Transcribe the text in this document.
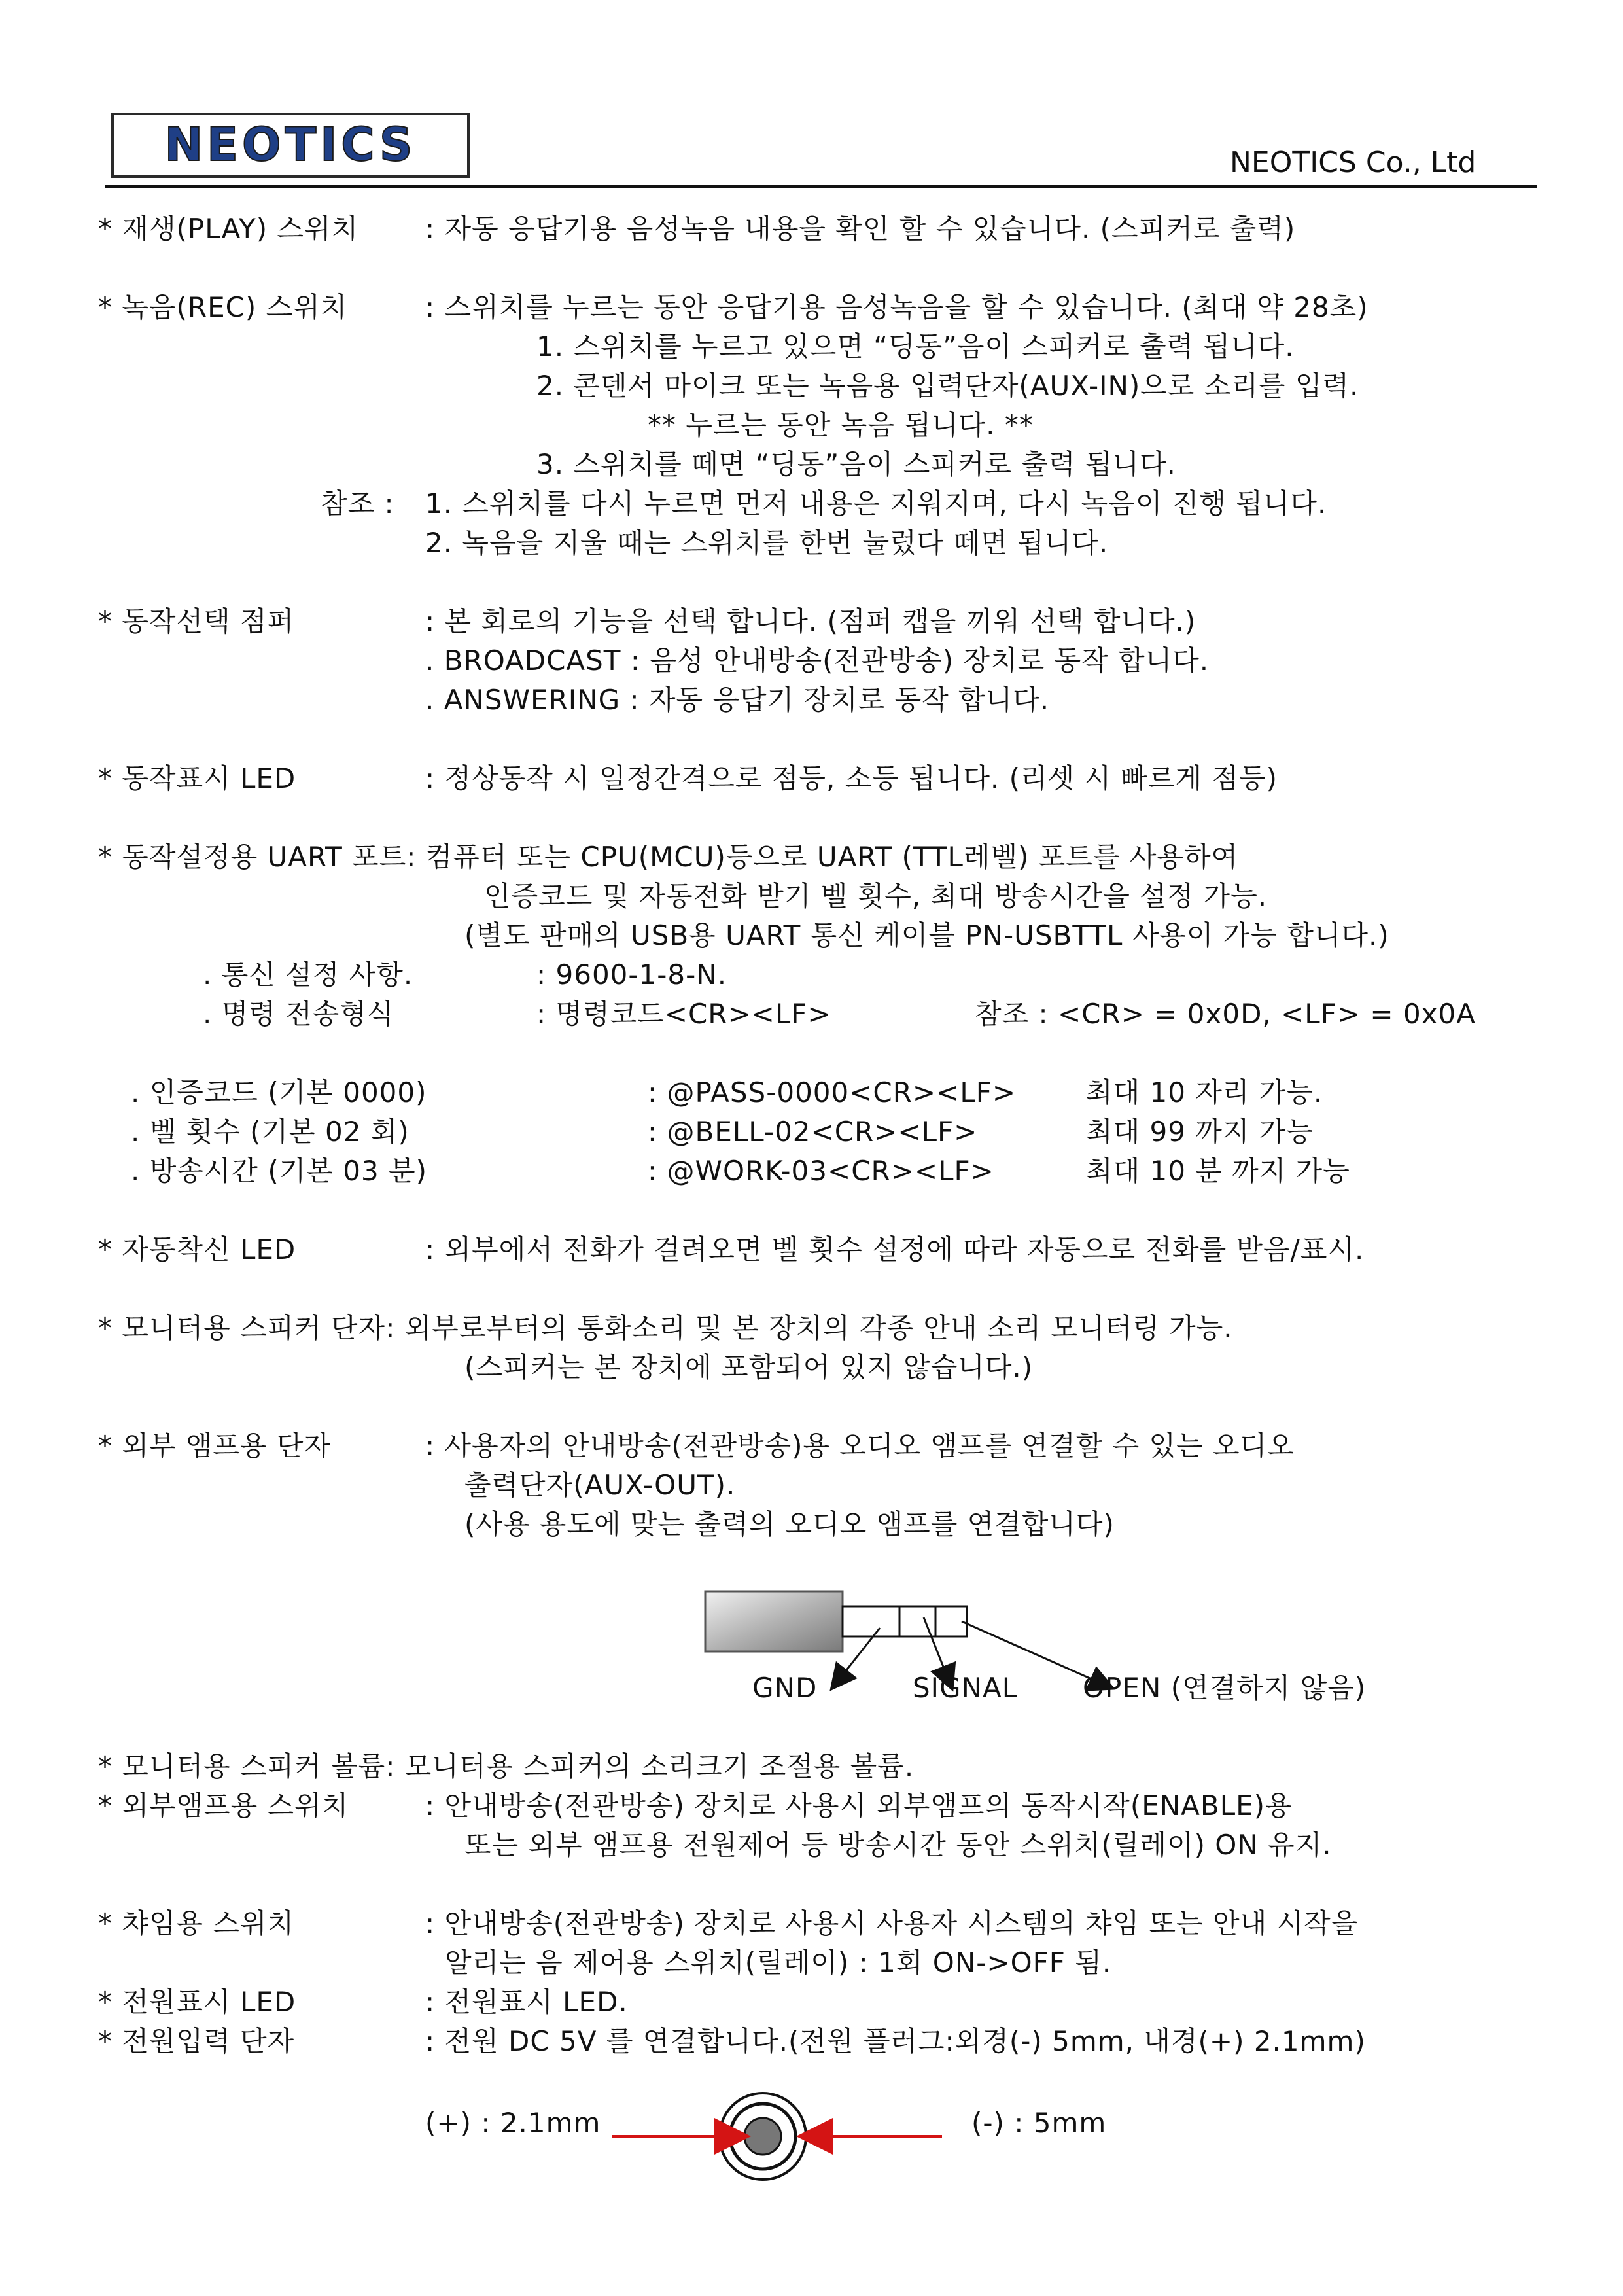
NEOTICS	NEOTICS Co., Ltd
* 재생(PLAY) 스위치 : 자동 응답기용 음성녹음 내용을 확인 할 수 있습니다. (스피커로 출력)
* 녹음(REC) 스위치	: 스위치를 누르는 동안 응답기용 음성녹음을 할 수 있습니다. (최대 약 28초)
1. 스위치를 누르고 있으면 “딩동”음이 스피커로 출력 됩니다.
2. 콘덴서 마이크 또는 녹음용 입력단자(AUX-IN)으로 소리를 입력.
** 누르는 동안 녹음 됩니다. **
3. 스위치를 떼면 “딩동”음이 스피커로 출력 됩니다.
참조 : 1. 스위치를 다시 누르면 먼저 내용은 지워지며, 다시 녹음이 진행 됩니다.
2. 녹음을 지울 때는 스위치를 한번 눌렀다 떼면 됩니다.
* 동작선택 점퍼	: 본 회로의 기능을 선택 합니다. (점퍼 캡을 끼워 선택 합니다.)
. BROADCAST : 음성 안내방송(전관방송) 장치로 동작 합니다.
. ANSWERING : 자동 응답기 장치로 동작 합니다.
* 동작표시 LED	: 정상동작 시 일정간격으로 점등, 소등 됩니다. (리셋 시 빠르게 점등)
* 동작설정용 UART 포트: 컴퓨터 또는 CPU(MCU)등으로 UART (TTL레벨) 포트를 사용하여
인증코드 및 자동전화 받기 벨 횟수, 최대 방송시간을 설정 가능.
(별도 판매의 USB용 UART 통신 케이블 PN-USBTTL 사용이 가능 합니다.)
. 통신 설정 사항.	: 9600-1-8-N.
. 명령 전송형식	: 명령코드<CR><LF>	참조 : <CR> = 0x0D, <LF> = 0x0A
. 인증코드 (기본 0000)	: @PASS-0000<CR><LF>	최대 10 자리 가능.
. 벨 횟수 (기본 02 회)	: @BELL-02<CR><LF>	최대 99 까지 가능
. 방송시간 (기본 03 분)	: @WORK-03<CR><LF>	최대 10 분 까지 가능
* 자동착신 LED	: 외부에서 전화가 걸려오면 벨 횟수 설정에 따라 자동으로 전화를 받음/표시.
* 모니터용 스피커 단자: 외부로부터의 통화소리 및 본 장치의 각종 안내 소리 모니터링 가능.
(스피커는 본 장치에 포함되어 있지 않습니다.)
* 외부 앰프용 단자	: 사용자의 안내방송(전관방송)용 오디오 앰프를 연결할 수 있는 오디오
출력단자(AUX-OUT).
(사용 용도에 맞는 출력의 오디오 앰프를 연결합니다)
GND	SIGNAL OPEN (연결하지 않음)
* 모니터용 스피커 볼륨: 모니터용 스피커의 소리크기 조절용 볼륨.
* 외부앰프용 스위치	: 안내방송(전관방송) 장치로 사용시 외부앰프의 동작시작(ENABLE)용
또는 외부 앰프용 전원제어 등 방송시간 동안 스위치(릴레이) ON 유지.
* 챠임용 스위치	: 안내방송(전관방송) 장치로 사용시 사용자 시스템의 챠임 또는 안내 시작을
알리는 음 제어용 스위치(릴레이) : 1회 ON->OFF 됨.
* 전원표시 LED	: 전원표시 LED.
* 전원입력 단자	: 전원 DC 5V 를 연결합니다.(전원 플러그:외경(-) 5mm, 내경(+) 2.1mm)
(+) : 2.1mm	(-) : 5mm
